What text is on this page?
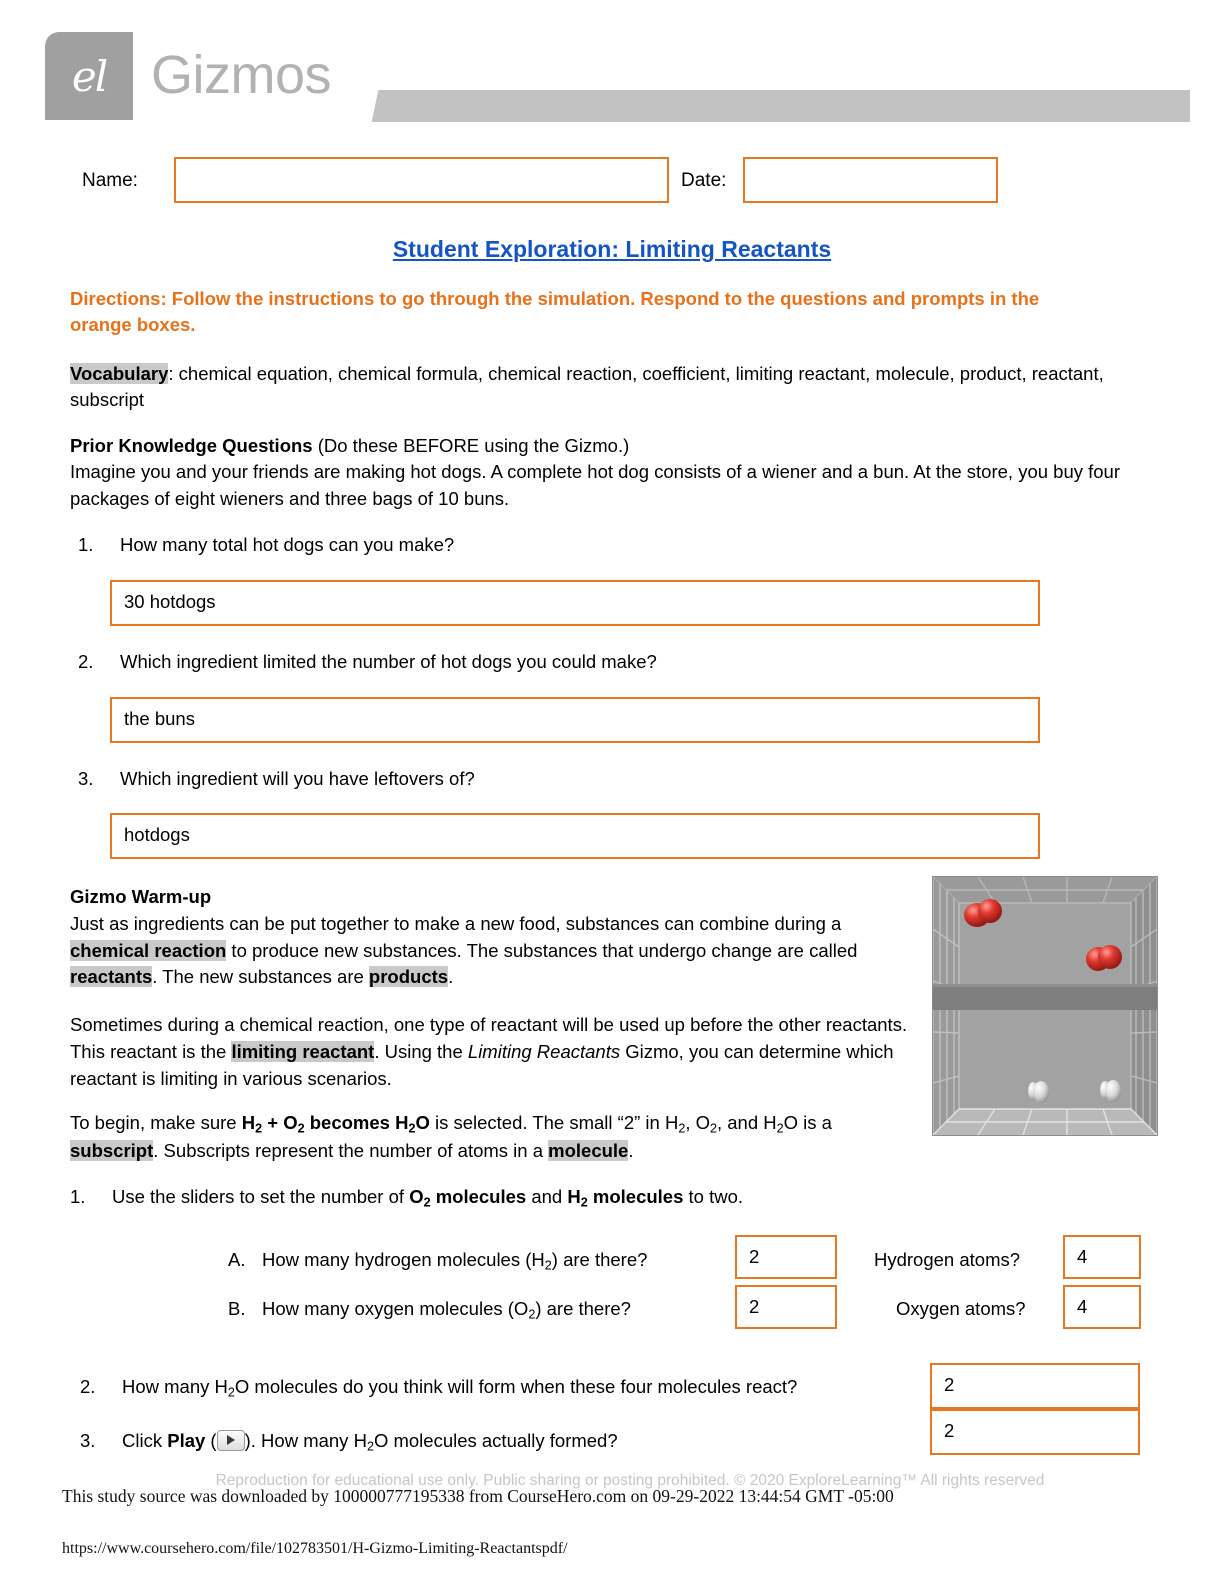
el Gizmos
Name:	Date:
Student Exploration: Limiting Reactants
Directions: Follow the instructions to go through the simulation. Respond to the questions and prompts in the orange boxes.
Vocabulary: chemical equation, chemical formula, chemical reaction, coefficient, limiting reactant, molecule, product, reactant, subscript
Prior Knowledge Questions (Do these BEFORE using the Gizmo.)
Imagine you and your friends are making hot dogs. A complete hot dog consists of a wiener and a bun. At the store, you buy four packages of eight wieners and three bags of 10 buns.
1.	How many total hot dogs can you make?
30 hotdogs
2.	Which ingredient limited the number of hot dogs you could make?
the buns
3.	Which ingredient will you have leftovers of?
hotdogs
Gizmo Warm-up
Just as ingredients can be put together to make a new food, substances can combine during a chemical reaction to produce new substances. The substances that undergo change are called reactants. The new substances are products.
Sometimes during a chemical reaction, one type of reactant will be used up before the other reactants. This reactant is the limiting reactant. Using the Limiting Reactants Gizmo, you can determine which reactant is limiting in various scenarios.
To begin, make sure $H_2 + O_2$ becomes $H_2O$ is selected. The small “2” in $H_2$, $O_2$, and $H_2O$ is a subscript. Subscripts represent the number of atoms in a molecule.
1.	Use the sliders to set the number of $O_2$ molecules and $H_2$ molecules to two.
A. How many hydrogen molecules $(H_2)$ are there?	2	Hydrogen atoms?	4
B. How many oxygen molecules $(O_2)$ are there?	2	Oxygen atoms?	4
2.	How many $H_2O$ molecules do you think will form when these four molecules react?	2
3.	Click Play ( ). How many $H_2O$ molecules actually formed?	2
Reproduction for educational use only. Public sharing or posting prohibited. © 2020 ExploreLearning™ All rights reserved
This study source was downloaded by 100000777195338 from CourseHero.com on 09-29-2022 13:44:54 GMT -05:00
https://www.coursehero.com/file/102783501/H-Gizmo-Limiting-Reactantspdf/
